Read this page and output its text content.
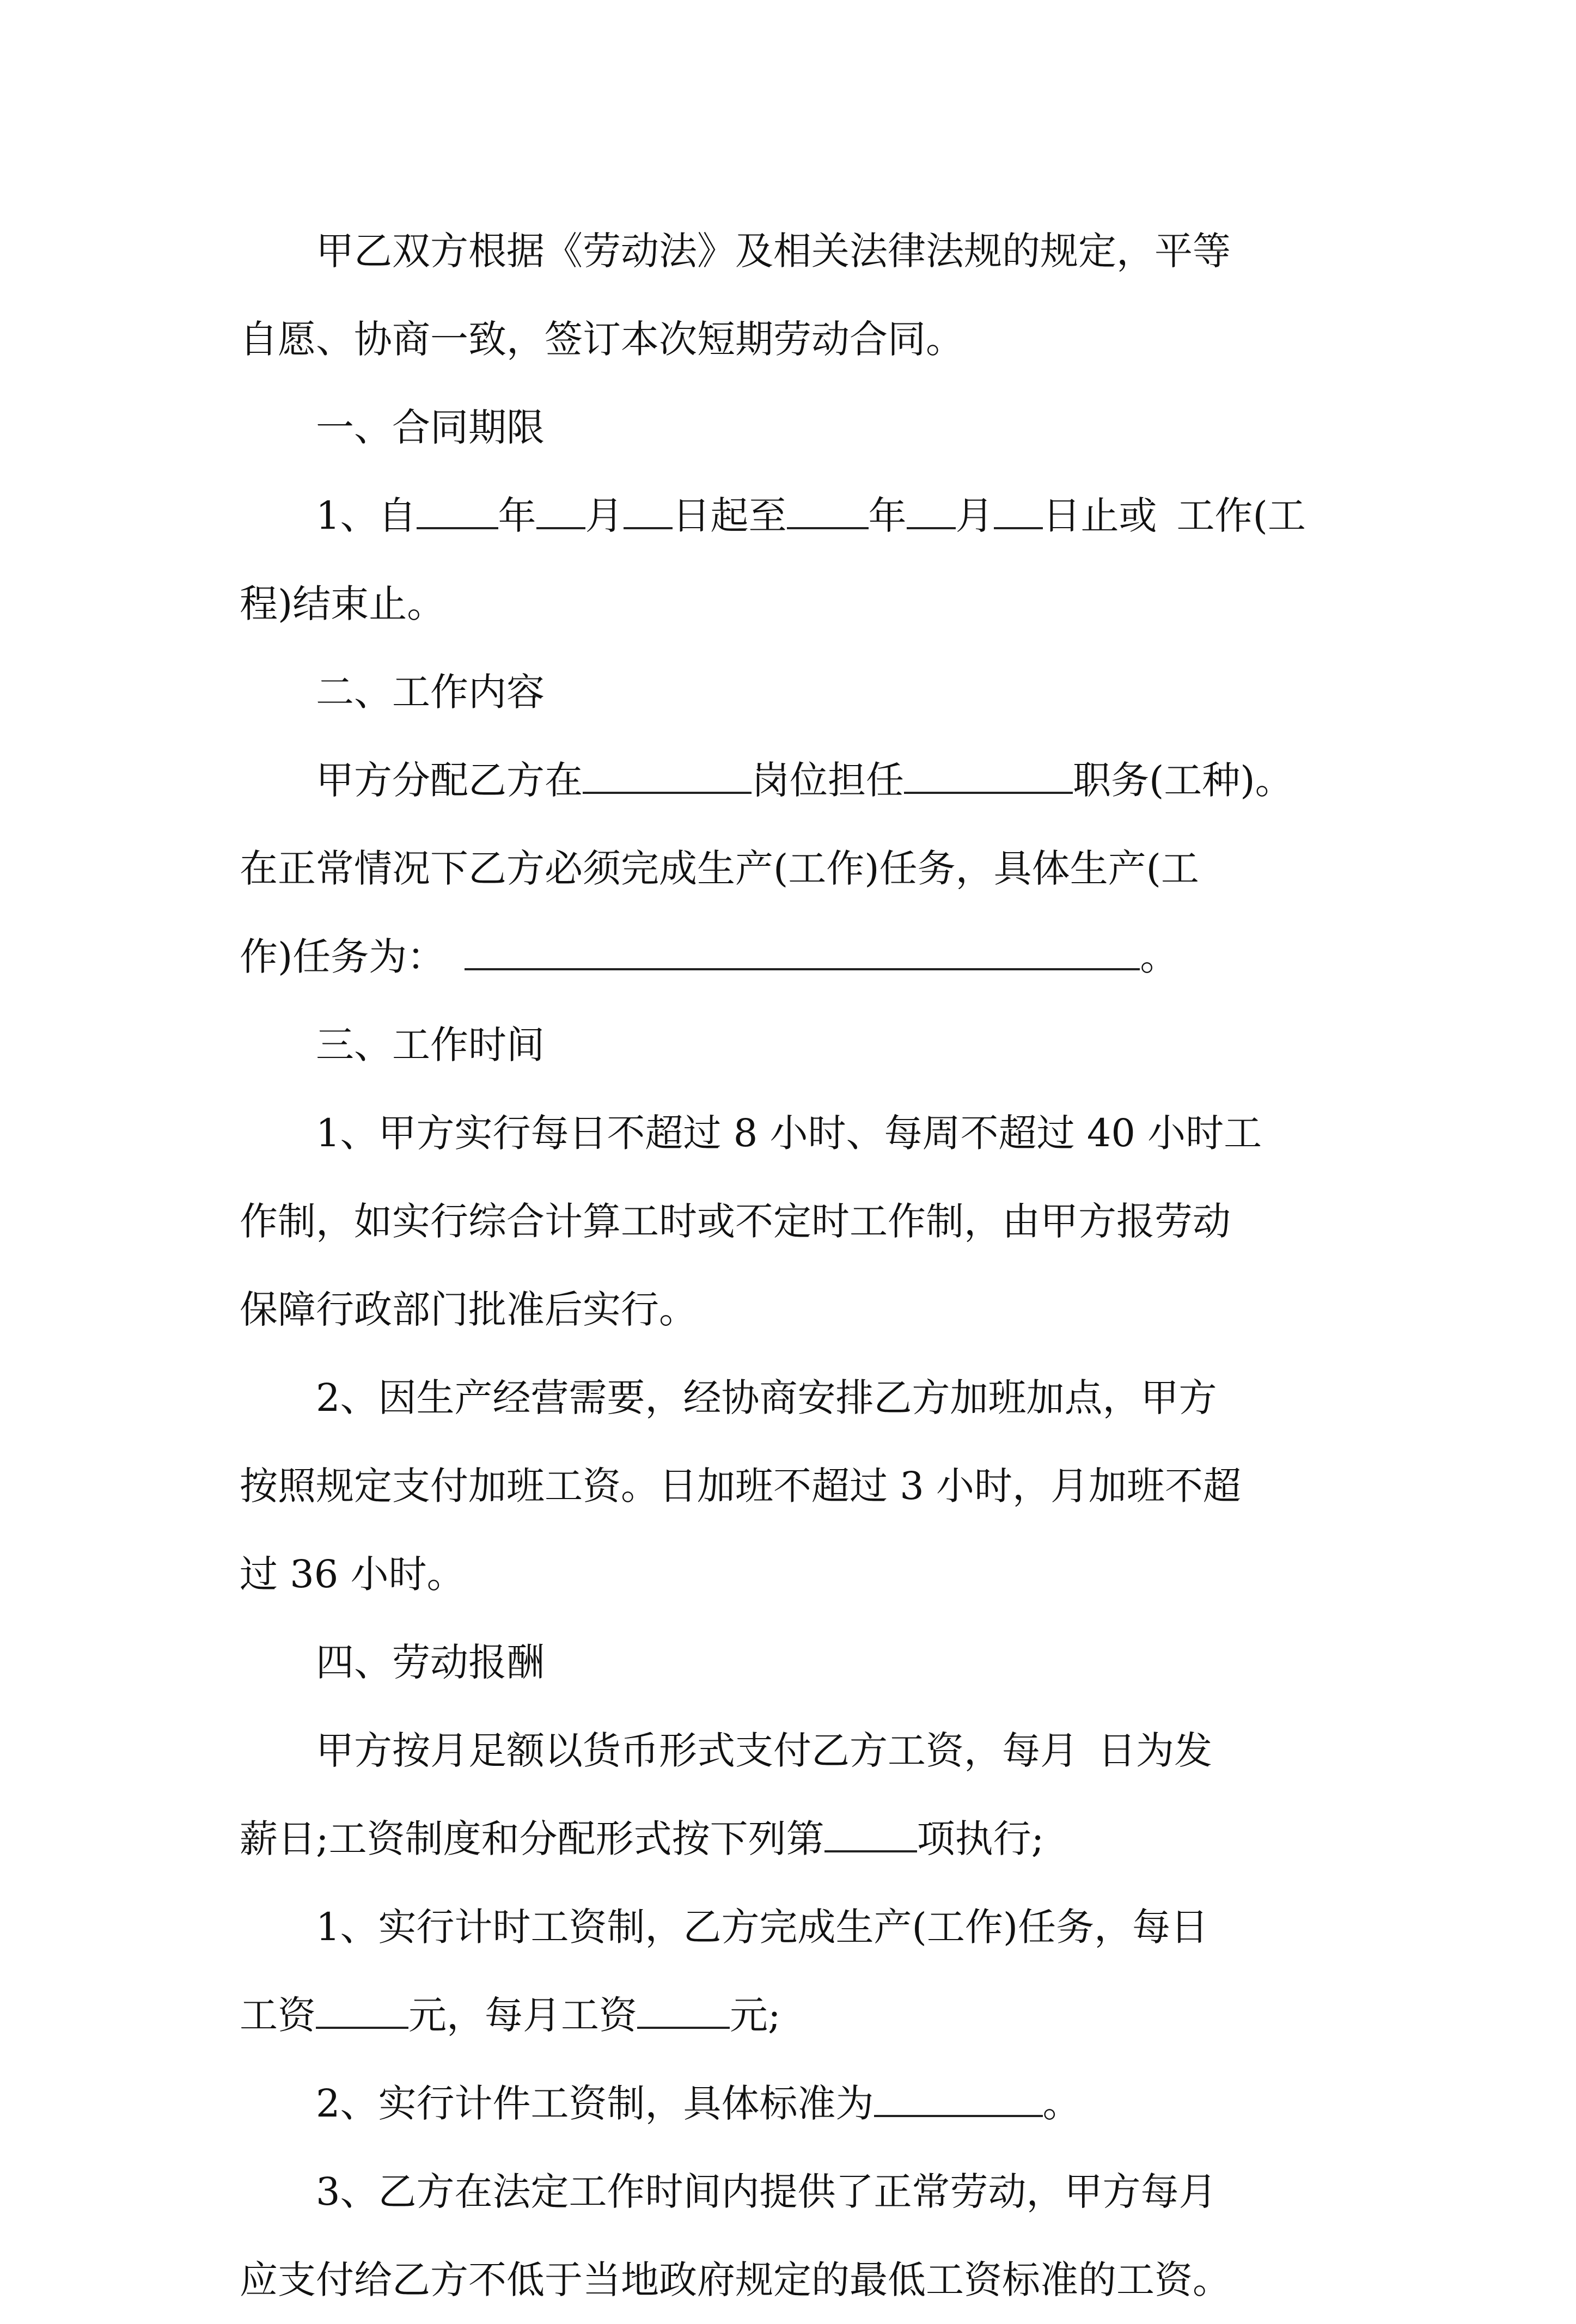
甲乙双方根据《劳动法》及相关法律法规的规定，平等

自愿、协商一致，签订本次短期劳动合同。

一、合同期限

1、自 年 月 日起至 年 月 日止或 工作(工

程)结束止。

二、工作内容

甲方分配乙方在	岗位担任	职务(工种)。

在正常情况下乙方必须完成生产(工作)任务，具体生产(工

作)任务为：	。

三、工作时间

1、甲方实行每日不超过 8 小时、每周不超过 40 小时工

作制，如实行综合计算工时或不定时工作制，由甲方报劳动

保障行政部门批准后实行。

2、因生产经营需要，经协商安排乙方加班加点，甲方

按照规定支付加班工资。日加班不超过 3 小时，月加班不超

过 36 小时。

四、劳动报酬

甲方按月足额以货币形式支付乙方工资，每月 日为发

薪日;工资制度和分配形式按下列第 项执行;

1、实行计时工资制，乙方完成生产(工作)任务，每日

工资 元，每月工资 元;

2、实行计件工资制，具体标准为	。

3、乙方在法定工作时间内提供了正常劳动，甲方每月

应支付给乙方不低于当地政府规定的最低工资标准的工资。
